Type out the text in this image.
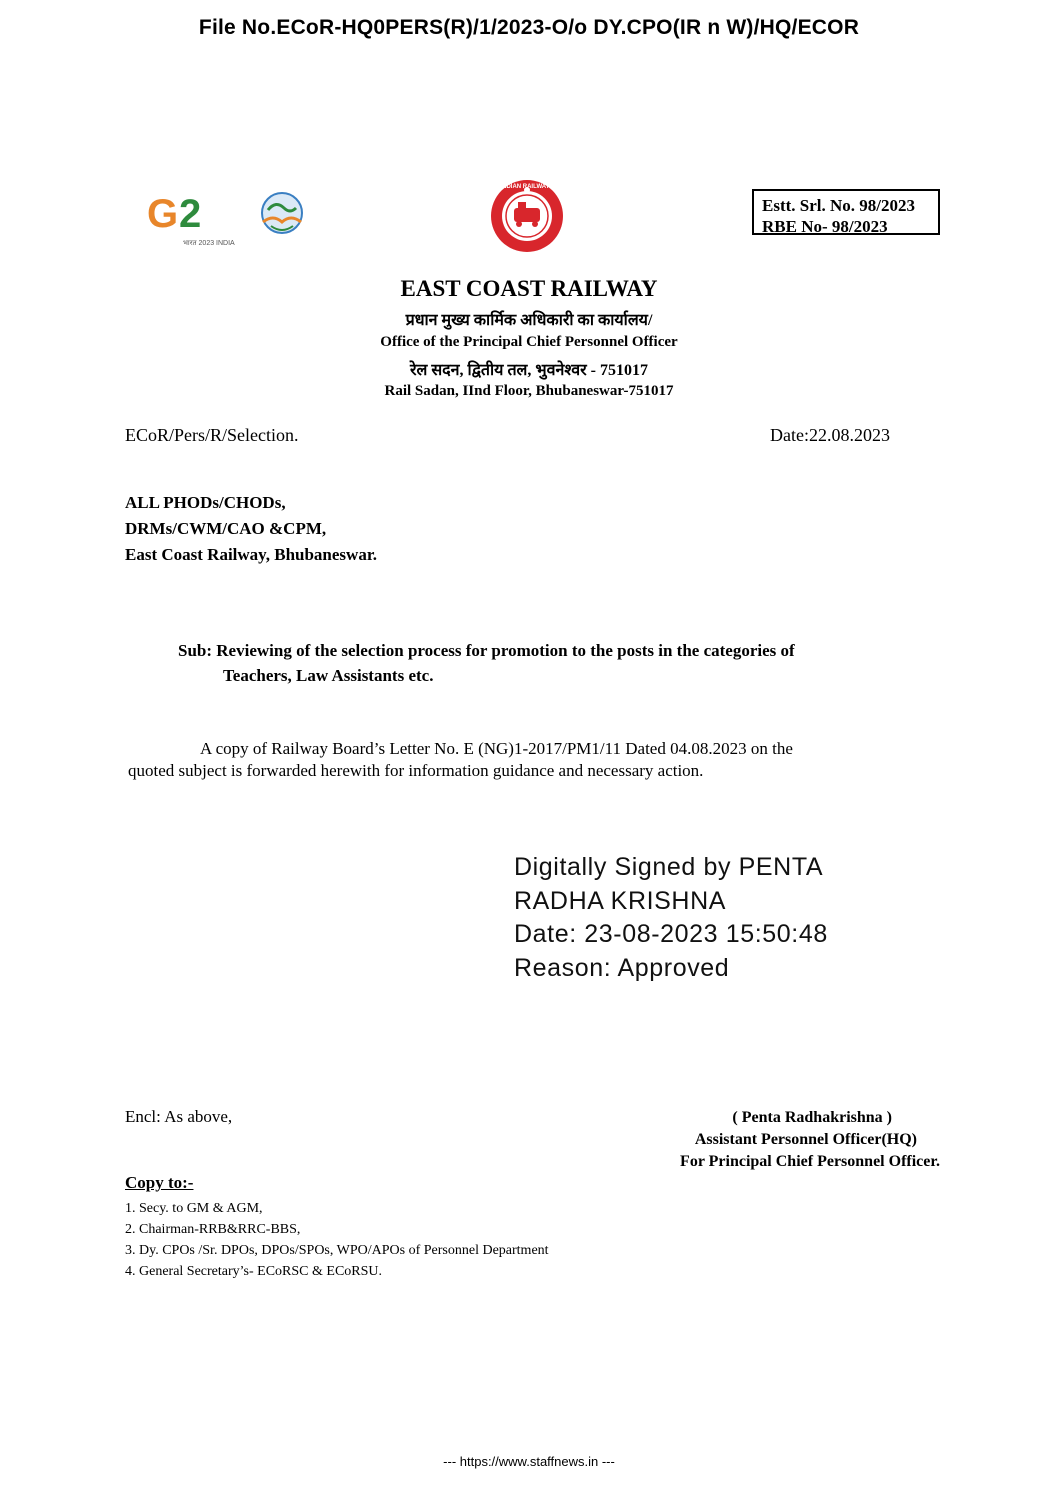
File No.ECoR-HQ0PERS(R)/1/2023-O/o DY.CPO(IR n W)/HQ/ECOR
G 2
भारत 2023 INDIA
INDIAN RAILWAYS
Estt. Srl. No. 98/2023
RBE No- 98/2023
EAST COAST RAILWAY
प्रधान मुख्य कार्मिक अधिकारी का कार्यालय/
Office of the Principal Chief Personnel Officer
रेल सदन, द्वितीय तल, भुवनेश्वर - 751017
Rail Sadan, IInd Floor, Bhubaneswar-751017
ECoR/Pers/R/Selection.	Date:22.08.2023
ALL PHODs/CHODs,
DRMs/CWM/CAO &CPM,
East Coast Railway, Bhubaneswar.
Sub: Reviewing of the selection process for promotion to the posts in the categories of
Teachers, Law Assistants etc.
A copy of Railway Board’s Letter No. E (NG)1-2017/PM1/11 Dated 04.08.2023 on the
quoted subject is forwarded herewith for information guidance and necessary action.
Digitally Signed by PENTA
RADHA KRISHNA
Date: 23-08-2023 15:50:48
Reason: Approved
Encl: As above,	( Penta Radhakrishna )
Assistant Personnel Officer(HQ)
For Principal Chief Personnel Officer.
Copy to:-
1. Secy. to GM & AGM,
2. Chairman-RRB&RRC-BBS,
3. Dy. CPOs /Sr. DPOs, DPOs/SPOs, WPO/APOs of Personnel Department
4. General Secretary’s- ECoRSC & ECoRSU.
--- https://www.staffnews.in ---
